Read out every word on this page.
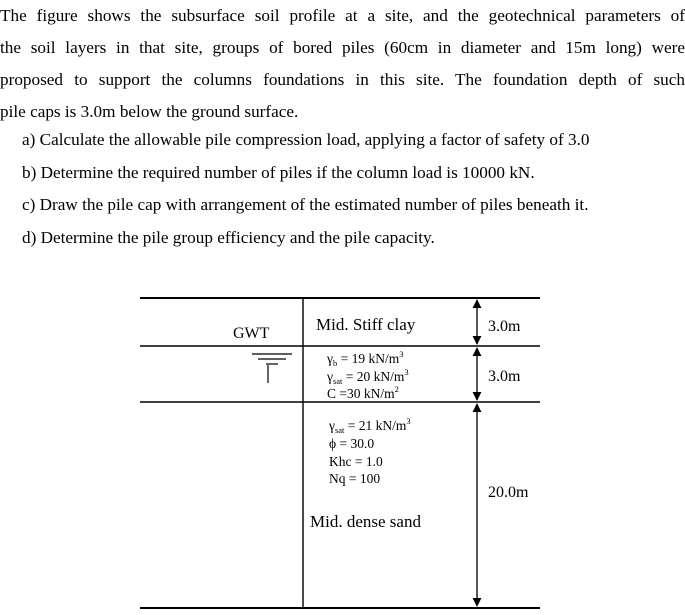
The figure shows the subsurface soil profile at a site, and the geotechnical parameters of
the soil layers in that site, groups of bored piles (60cm in diameter and 15m long) were
proposed to support the columns foundations in this site. The foundation depth of such
pile caps is 3.0m below the ground surface.
a) Calculate the allowable pile compression load, applying a factor of safety of 3.0
b) Determine the required number of piles if the column load is 10000 kN.
c) Draw the pile cap with arrangement of the estimated number of piles beneath it.
d) Determine the pile group efficiency and the pile capacity.
GWT	Mid. Stiff clay
$\gamma_b = 19$ $kN/m^3$
$\gamma_{sat} = 20$ $kN/m^3$
C =30 $kN/m^2$
$\gamma_{sat} = 21$ $kN/m^3$
ϕ = 30.0
Khc = 1.0
Nq = 100
Mid. dense sand
3.0m
3.0m
20.0m
